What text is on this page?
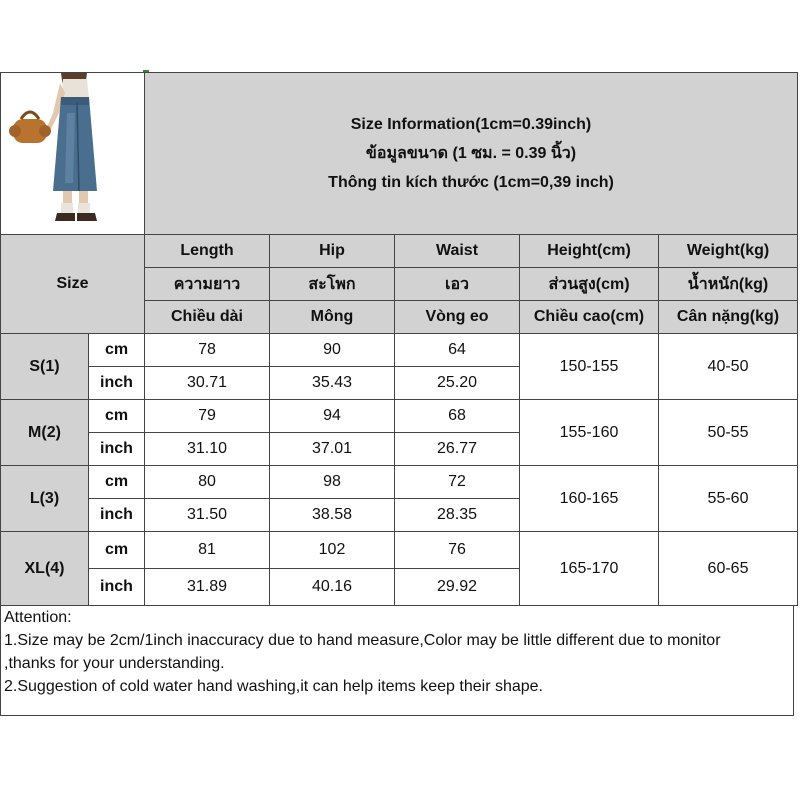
Size Information(1cm=0.39inch)
ข้อมูลขนาด (1 ซม. = 0.39 นิ้ว)
Thông tin kích thước (1cm=0,39 inch)				

Size		Length	Hip	Waist	Height(cm)	Weight(kg)
		ความยาว	สะโพก	เอว	ส่วนสูง(cm)	น้ำหนัก(kg)
		Chiều dài	Mông	Vòng eo	Chiều cao(cm)	Cân nặng(kg)
S(1)	cm	78	90	64	150-155	40-50
	inch	30.71	35.43	25.20		
M(2)	cm	79	94	68	155-160	50-55
	inch	31.10	37.01	26.77		
L(3)	cm	80	98	72	160-165	55-60
	inch	31.50	38.58	28.35		
XL(4)	cm	81	102	76	165-170	60-65
	inch	31.89	40.16	29.92		
Attention:
1.Size may be 2cm/1inch inaccuracy due to hand measure,Color may be little different due to monitor
,thanks for your understanding.
2.Suggestion of cold water hand washing,it can help items keep their shape.
